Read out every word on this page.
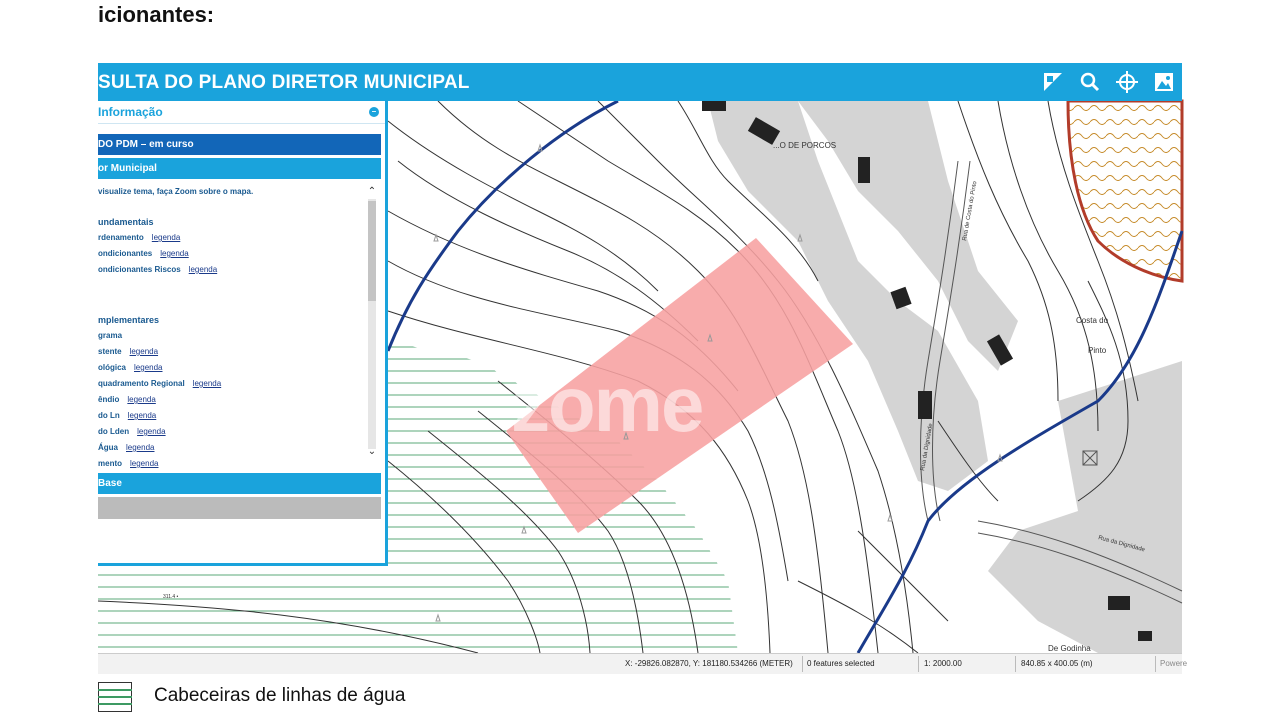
icionantes:
...O DE PORCOS
Costa do
Pinto
De Godinha
Rua da Dignidade
Rua de Costa do Pinto
Rua da Dignidade
311.4 •
zome
SULTA DO PLANO DIRETOR MUNICIPAL
Informação	–
DO PDM – em curso
or Municipal
visualize tema, faça Zoom sobre o mapa.
undamentais
rdenamento legenda
ondicionantes legenda
ondicionantes Riscos legenda
mplementares
grama
stente legenda
ológica legenda
quadramento Regional legenda
êndio legenda
do Ln legenda
do Lden legenda
Água legenda
mento legenda
⌃
⌄
Base
X: -29826.082870, Y: 181180.534266 (METER) 0 features selected	1: 2000.00	840.85 x 400.05 (m)	Powere
Cabeceiras de linhas de água
